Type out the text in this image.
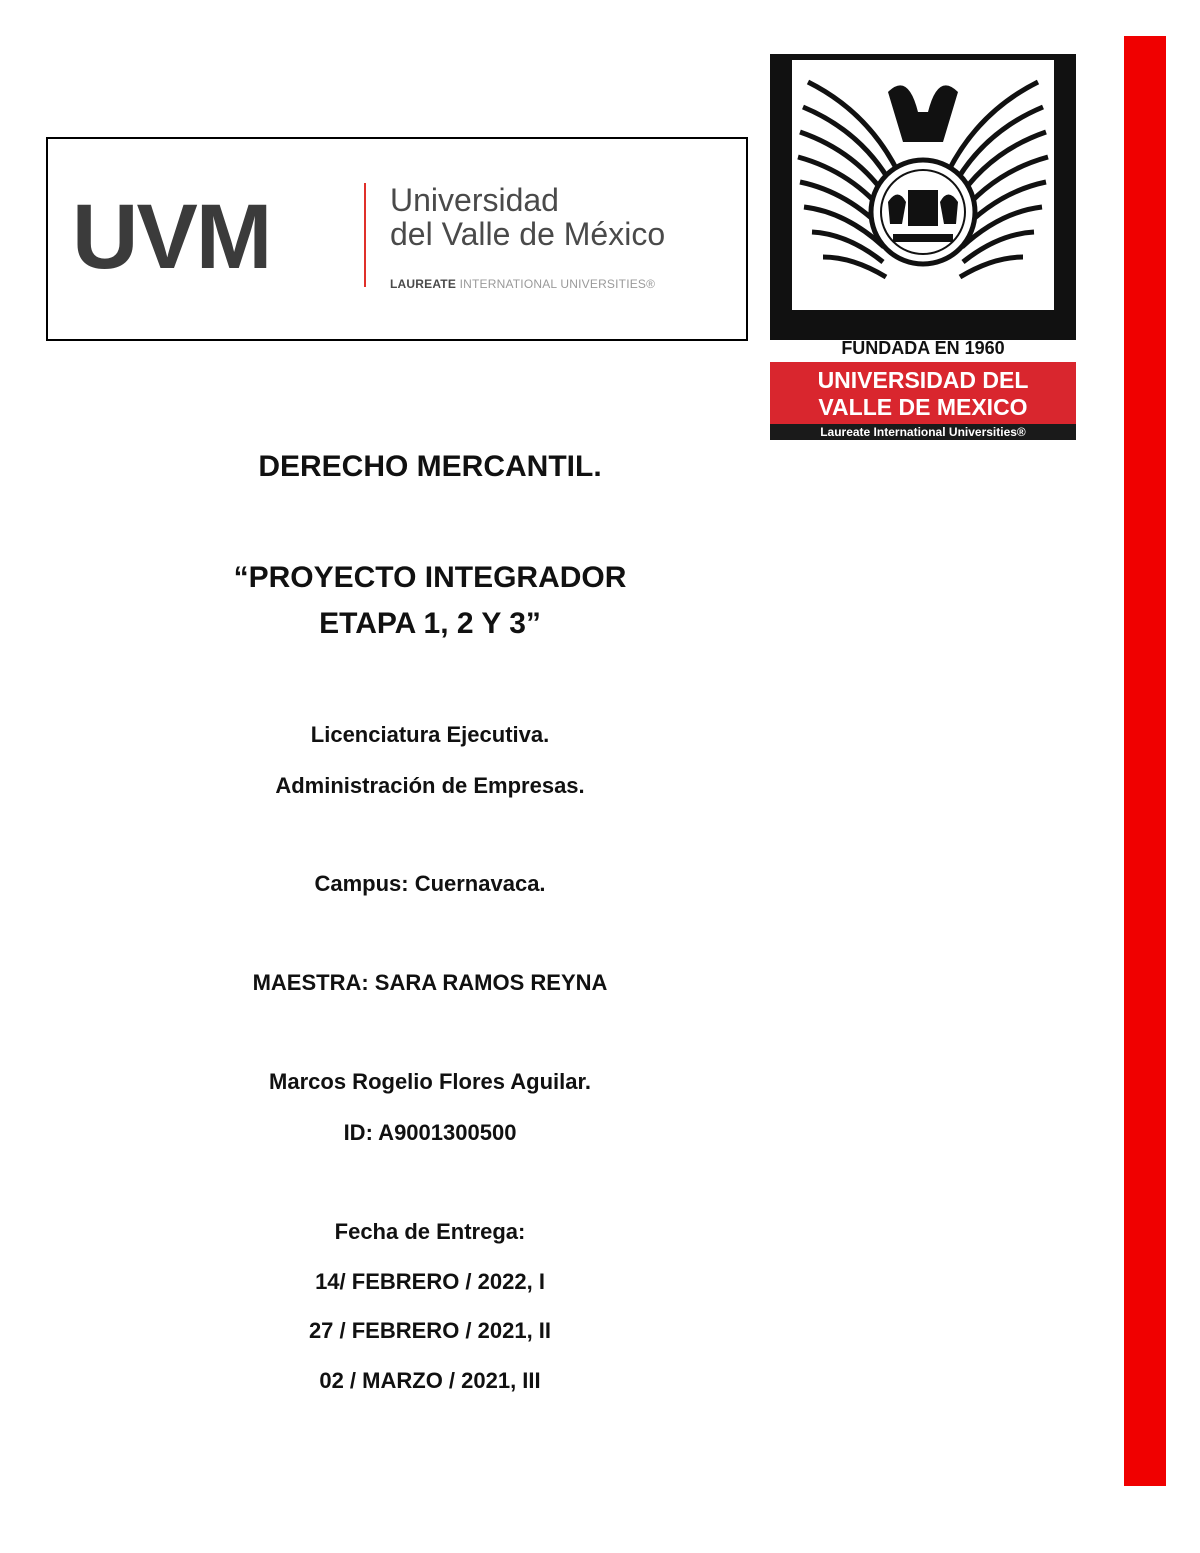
UVM	Universidad
del Valle de México
LAUREATE INTERNATIONAL UNIVERSITIES®
FUNDADA EN 1960
UNIVERSIDAD DEL
VALLE DE MEXICO
Laureate International Universities®
DERECHO MERCANTIL.
“PROYECTO INTEGRADOR
ETAPA 1, 2 Y 3”
Licenciatura Ejecutiva.
Administración de Empresas.
Campus: Cuernavaca.
MAESTRA: SARA RAMOS REYNA
Marcos Rogelio Flores Aguilar.
ID: A9001300500
Fecha de Entrega:
14/ FEBRERO / 2022, I
27 / FEBRERO / 2021, II
02 / MARZO / 2021, III
